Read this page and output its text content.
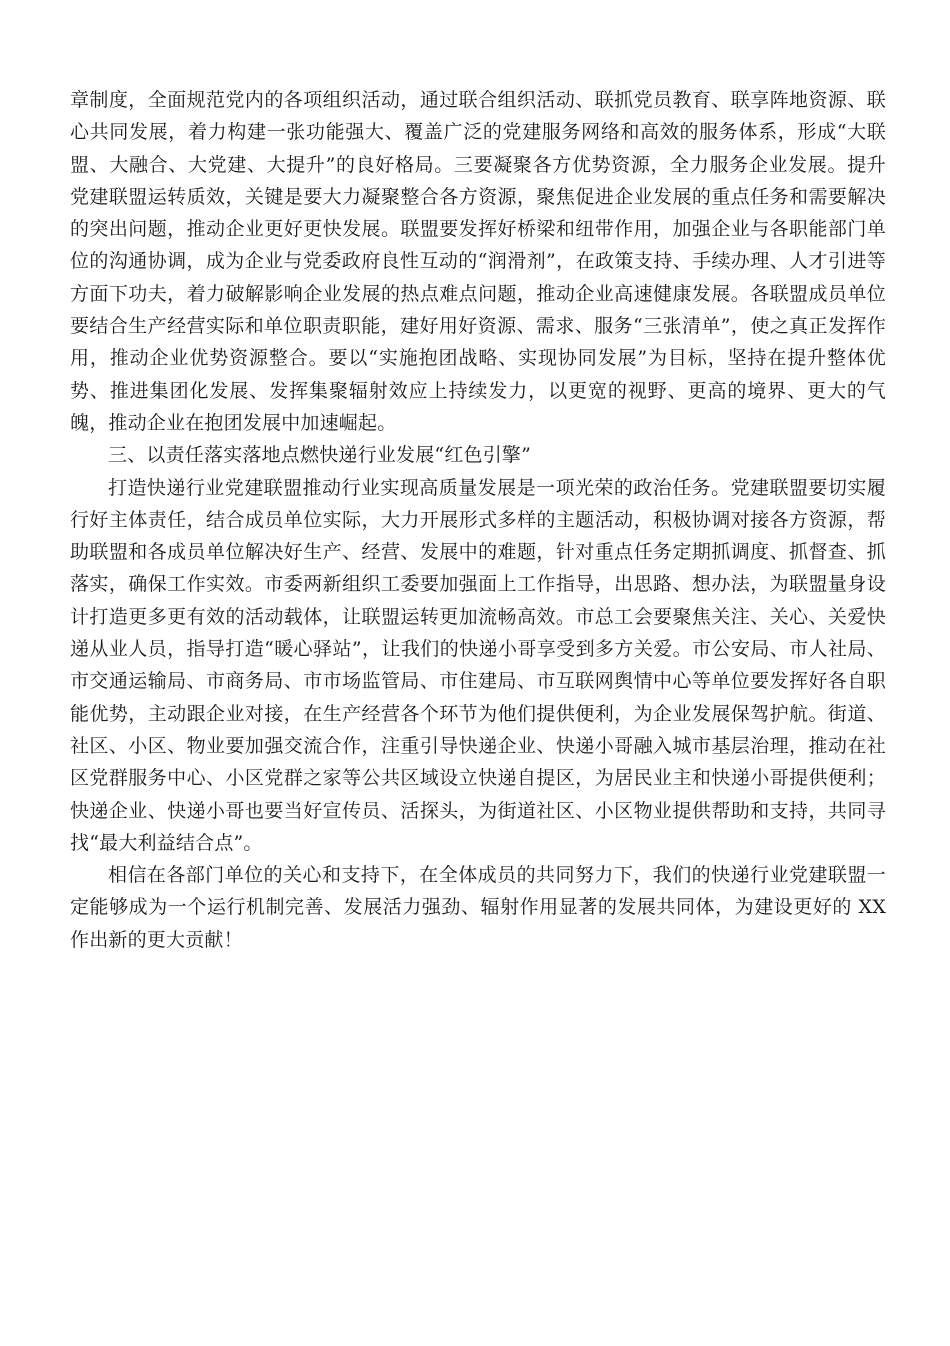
章制度，全面规范党内的各项组织活动，通过联合组织活动、联抓党员教育、联享阵地资源、联心共同发展，着力构建一张功能强大、覆盖广泛的党建服务网络和高效的服务体系，形成“大联盟、大融合、大党建、大提升”的良好格局。三要凝聚各方优势资源，全力服务企业发展。提升党建联盟运转质效，关键是要大力凝聚整合各方资源，聚焦促进企业发展的重点任务和需要解决的突出问题，推动企业更好更快发展。联盟要发挥好桥梁和纽带作用，加强企业与各职能部门单位的沟通协调，成为企业与党委政府良性互动的“润滑剂”，在政策支持、手续办理、人才引进等方面下功夫，着力破解影响企业发展的热点难点问题，推动企业高速健康发展。各联盟成员单位要结合生产经营实际和单位职责职能，建好用好资源、需求、服务“三张清单”，使之真正发挥作用，推动企业优势资源整合。要以“实施抱团战略、实现协同发展”为目标，坚持在提升整体优势、推进集团化发展、发挥集聚辐射效应上持续发力，以更宽的视野、更高的境界、更大的气魄，推动企业在抱团发展中加速崛起。

三、以责任落实落地点燃快递行业发展“红色引擎”

打造快递行业党建联盟推动行业实现高质量发展是一项光荣的政治任务。党建联盟要切实履行好主体责任，结合成员单位实际，大力开展形式多样的主题活动，积极协调对接各方资源，帮助联盟和各成员单位解决好生产、经营、发展中的难题，针对重点任务定期抓调度、抓督查、抓落实，确保工作实效。市委两新组织工委要加强面上工作指导，出思路、想办法，为联盟量身设计打造更多更有效的活动载体，让联盟运转更加流畅高效。市总工会要聚焦关注、关心、关爱快递从业人员，指导打造“暖心驿站”，让我们的快递小哥享受到多方关爱。市公安局、市人社局、市交通运输局、市商务局、市市场监管局、市住建局、市互联网舆情中心等单位要发挥好各自职能优势，主动跟企业对接，在生产经营各个环节为他们提供便利，为企业发展保驾护航。街道、社区、小区、物业要加强交流合作，注重引导快递企业、快递小哥融入城市基层治理，推动在社区党群服务中心、小区党群之家等公共区域设立快递自提区，为居民业主和快递小哥提供便利；快递企业、快递小哥也要当好宣传员、活探头，为街道社区、小区物业提供帮助和支持，共同寻找“最大利益结合点”。

相信在各部门单位的关心和支持下，在全体成员的共同努力下，我们的快递行业党建联盟一定能够成为一个运行机制完善、发展活力强劲、辐射作用显著的发展共同体，为建设更好的 XX 作出新的更大贡献！
